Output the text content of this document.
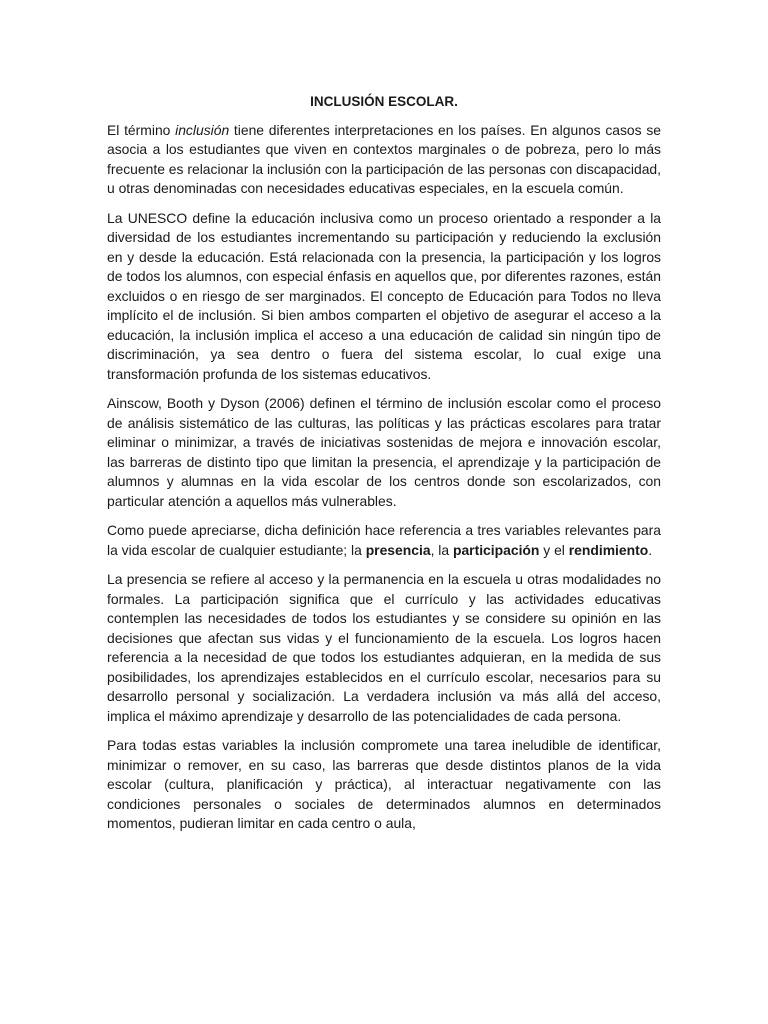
INCLUSIÓN ESCOLAR.

El término inclusión tiene diferentes interpretaciones en los países. En algunos casos se asocia a los estudiantes que viven en contextos marginales o de pobreza, pero lo más frecuente es relacionar la inclusión con la participación de las personas con discapacidad, u otras denominadas con necesidades educativas especiales, en la escuela común.

La UNESCO define la educación inclusiva como un proceso orientado a responder a la diversidad de los estudiantes incrementando su participación y reduciendo la exclusión en y desde la educación. Está relacionada con la presencia, la participación y los logros de todos los alumnos, con especial énfasis en aquellos que, por diferentes razones, están excluidos o en riesgo de ser marginados. El concepto de Educación para Todos no lleva implícito el de inclusión. Si bien ambos comparten el objetivo de asegurar el acceso a la educación, la inclusión implica el acceso a una educación de calidad sin ningún tipo de discriminación, ya sea dentro o fuera del sistema escolar, lo cual exige una transformación profunda de los sistemas educativos.

Ainscow, Booth y Dyson (2006) definen el término de inclusión escolar como el proceso de análisis sistemático de las culturas, las políticas y las prácticas escolares para tratar eliminar o minimizar, a través de iniciativas sostenidas de mejora e innovación escolar, las barreras de distinto tipo que limitan la presencia, el aprendizaje y la participación de alumnos y alumnas en la vida escolar de los centros donde son escolarizados, con particular atención a aquellos más vulnerables.

Como puede apreciarse, dicha definición hace referencia a tres variables relevantes para la vida escolar de cualquier estudiante; la presencia, la participación y el rendimiento.

La presencia se refiere al acceso y la permanencia en la escuela u otras modalidades no formales. La participación significa que el currículo y las actividades educativas contemplen las necesidades de todos los estudiantes y se considere su opinión en las decisiones que afectan sus vidas y el funcionamiento de la escuela. Los logros hacen referencia a la necesidad de que todos los estudiantes adquieran, en la medida de sus posibilidades, los aprendizajes establecidos en el currículo escolar, necesarios para su desarrollo personal y socialización. La verdadera inclusión va más allá del acceso, implica el máximo aprendizaje y desarrollo de las potencialidades de cada persona.

Para todas estas variables la inclusión compromete una tarea ineludible de identificar, minimizar o remover, en su caso, las barreras que desde distintos planos de la vida escolar (cultura, planificación y práctica), al interactuar negativamente con las condiciones personales o sociales de determinados alumnos en determinados momentos, pudieran limitar en cada centro o aula,
